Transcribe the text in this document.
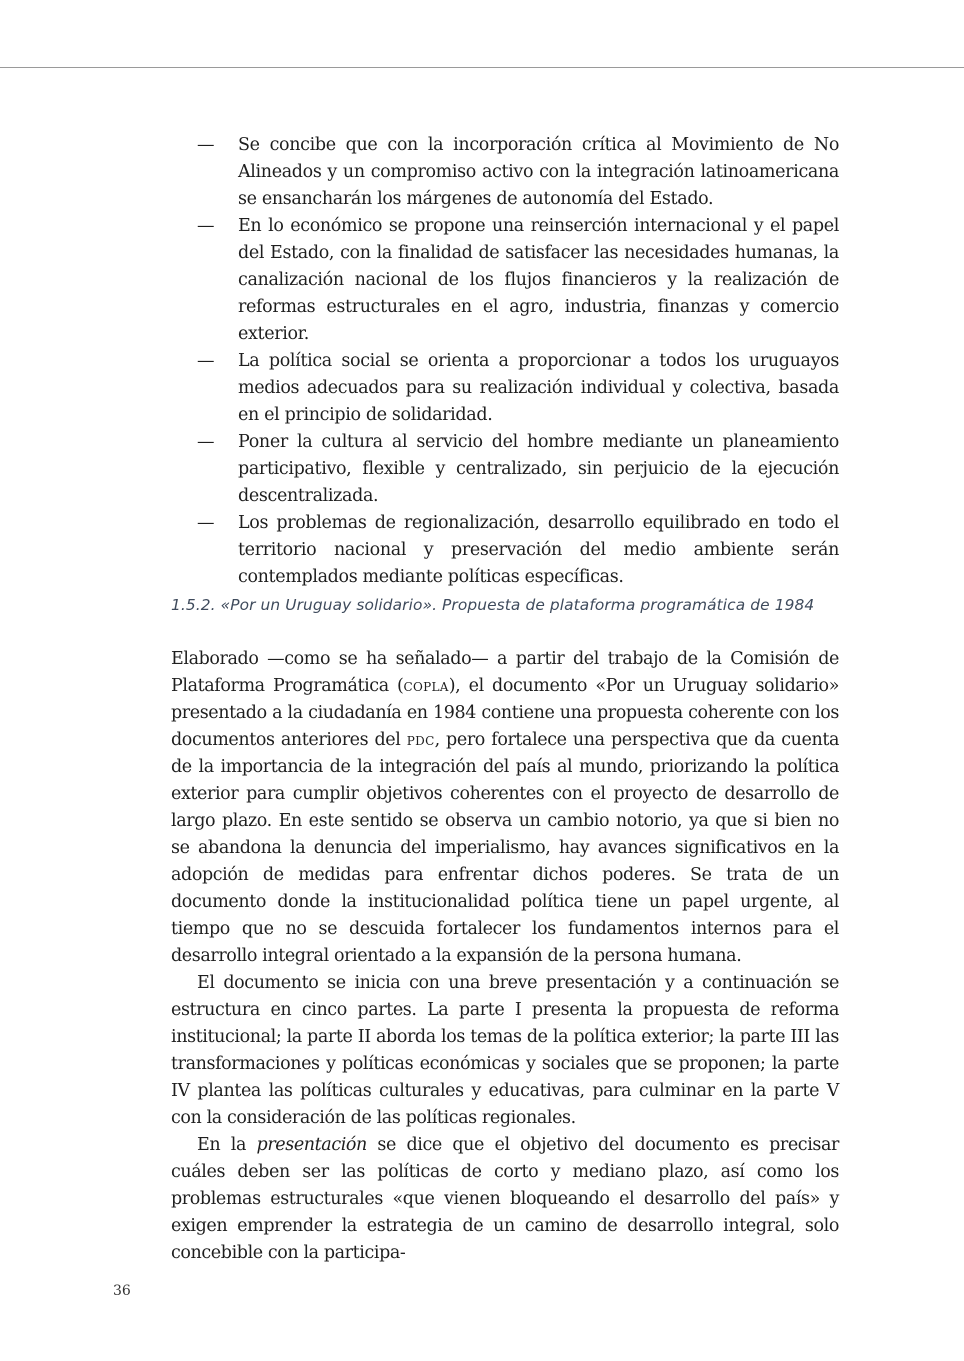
—	Se concibe que con la incorporación crítica al Movimiento de No Alineados y un compromiso activo con la integración latinoamericana se ensancharán los márgenes de autonomía del Estado.
—	En lo económico se propone una reinserción internacional y el papel del Estado, con la finalidad de satisfacer las necesidades humanas, la canalización nacional de los flujos financieros y la realización de reformas estructurales en el agro, industria, finanzas y comercio exterior.
—	La política social se orienta a proporcionar a todos los uruguayos medios adecuados para su realización individual y colectiva, basada en el principio de solidaridad.
—	Poner la cultura al servicio del hombre mediante un planeamiento participativo, flexible y centralizado, sin perjuicio de la ejecución descentralizada.
—	Los problemas de regionalización, desarrollo equilibrado en todo el territorio nacional y preservación del medio ambiente serán contemplados mediante políticas específicas.
1.5.2. «Por un Uruguay solidario». Propuesta de plataforma programática de 1984

Elaborado —como se ha señalado— a partir del trabajo de la Comisión de Plataforma Programática (copla), el documento «Por un Uruguay solidario» presentado a la ciudadanía en 1984 contiene una propuesta coherente con los documentos anteriores del pdc, pero fortalece una perspectiva que da cuenta de la importancia de la integración del país al mundo, priorizando la política exterior para cumplir objetivos coherentes con el proyecto de desarrollo de largo plazo. En este sentido se observa un cambio notorio, ya que si bien no se abandona la denuncia del imperialismo, hay avances significativos en la adopción de medidas para enfrentar dichos poderes. Se trata de un documento donde la institucionalidad política tiene un papel urgente, al tiempo que no se descuida fortalecer los fundamentos internos para el desarrollo integral orientado a la expansión de la persona humana.

El documento se inicia con una breve presentación y a continuación se estructura en cinco partes. La parte I presenta la propuesta de reforma institucional; la parte II aborda los temas de la política exterior; la parte III las transformaciones y políticas económicas y sociales que se proponen; la parte IV plantea las políticas culturales y educativas, para culminar en la parte V con la consideración de las políticas regionales.

En la presentación se dice que el objetivo del documento es precisar cuáles deben ser las políticas de corto y mediano plazo, así como los problemas estructurales «que vienen bloqueando el desarrollo del país» y exigen emprender la estrategia de un camino de desarrollo integral, solo concebible con la participa-

36
